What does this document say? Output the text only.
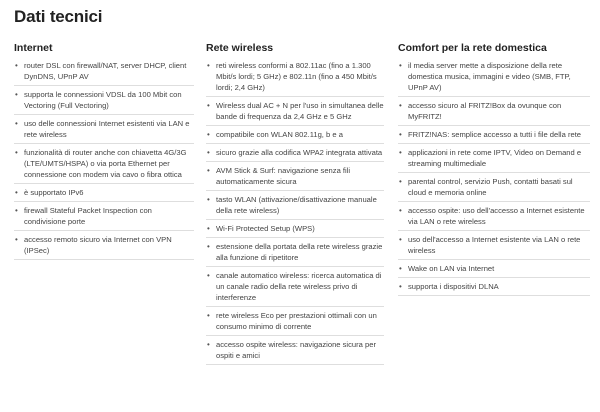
Dati tecnici
Internet
• router DSL con firewall/NAT, server DHCP, client DynDNS, UPnP AV
• supporta le connessioni VDSL da 100 Mbit con Vectoring (Full Vectoring)
• uso delle connessioni Internet esistenti via LAN e rete wireless
• funzionalità di router anche con chiavetta 4G/3G (LTE/UMTS/HSPA) o via porta Ethernet per connessione con modem via cavo o fibra ottica
• è supportato IPv6
• firewall Stateful Packet Inspection con condivisione porte
• accesso remoto sicuro via Internet con VPN (IPSec)
Rete wireless
• reti wireless conformi a 802.11ac (fino a 1.300 Mbit/s lordi; 5 GHz) e 802.11n (fino a 450 Mbit/s lordi; 2,4 GHz)
• Wireless dual AC + N per l'uso in simultanea delle bande di frequenza da 2,4 GHz e 5 GHz
• compatibile con WLAN 802.11g, b e a
• sicuro grazie alla codifica WPA2 integrata attivata
• AVM Stick & Surf: navigazione senza fili automaticamente sicura
• tasto WLAN (attivazione/disattivazione manuale della rete wireless)
• Wi-Fi Protected Setup (WPS)
• estensione della portata della rete wireless grazie alla funzione di ripetitore
• canale automatico wireless: ricerca automatica di un canale radio della rete wireless privo di interferenze
• rete wireless Eco per prestazioni ottimali con un consumo minimo di corrente
• accesso ospite wireless: navigazione sicura per ospiti e amici
Comfort per la rete domestica
• il media server mette a disposizione della rete domestica musica, immagini e video (SMB, FTP, UPnP AV)
• accesso sicuro al FRITZ!Box da ovunque con MyFRITZ!
• FRITZ!NAS: semplice accesso a tutti i file della rete
• applicazioni in rete come IPTV, Video on Demand e streaming multimediale
• parental control, servizio Push, contatti basati sul cloud e memoria online
• accesso ospite: uso dell'accesso a Internet esistente via LAN o rete wireless
• uso dell'accesso a Internet esistente via LAN o rete wireless
• Wake on LAN via Internet
• supporta i dispositivi DLNA
